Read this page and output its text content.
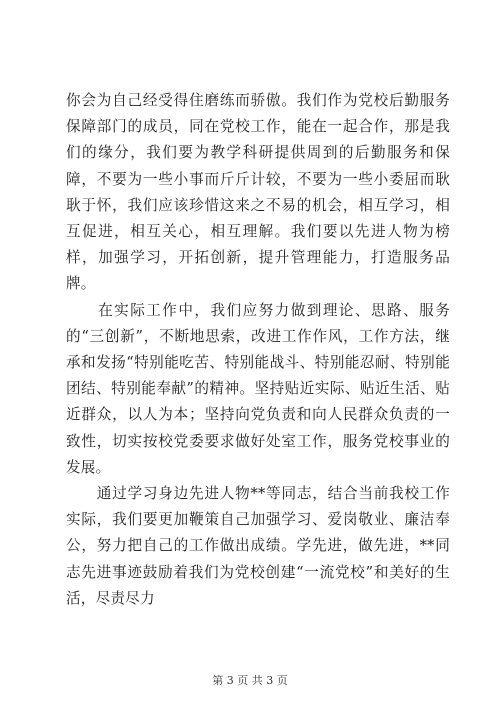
你会为自己经受得住磨练而骄傲。我们作为党校后勤服务保障部门的成员，同在党校工作，能在一起合作，那是我们的缘分，我们要为教学科研提供周到的后勤服务和保障，不要为一些小事而斤斤计较，不要为一些小委屈而耿耿于怀，我们应该珍惜这来之不易的机会，相互学习，相互促进，相互关心，相互理解。我们要以先进人物为榜样，加强学习，开拓创新，提升管理能力，打造服务品牌。

　　在实际工作中，我们应努力做到理论、思路、服务的“三创新”，不断地思索，改进工作作风，工作方法，继承和发扬“特别能吃苦、特别能战斗、特别能忍耐、特别能团结、特别能奉献”的精神。坚持贴近实际、贴近生活、贴近群众，以人为本；坚持向党负责和向人民群众负责的一致性，切实按校党委要求做好处室工作，服务党校事业的发展。

　　通过学习身边先进人物**等同志，结合当前我校工作实际，我们要更加鞭策自己加强学习、爱岗敬业、廉洁奉公，努力把自己的工作做出成绩。学先进，做先进，**同志先进事迹鼓励着我们为党校创建“一流党校”和美好的生活，尽责尽力

第 3 页 共 3 页
